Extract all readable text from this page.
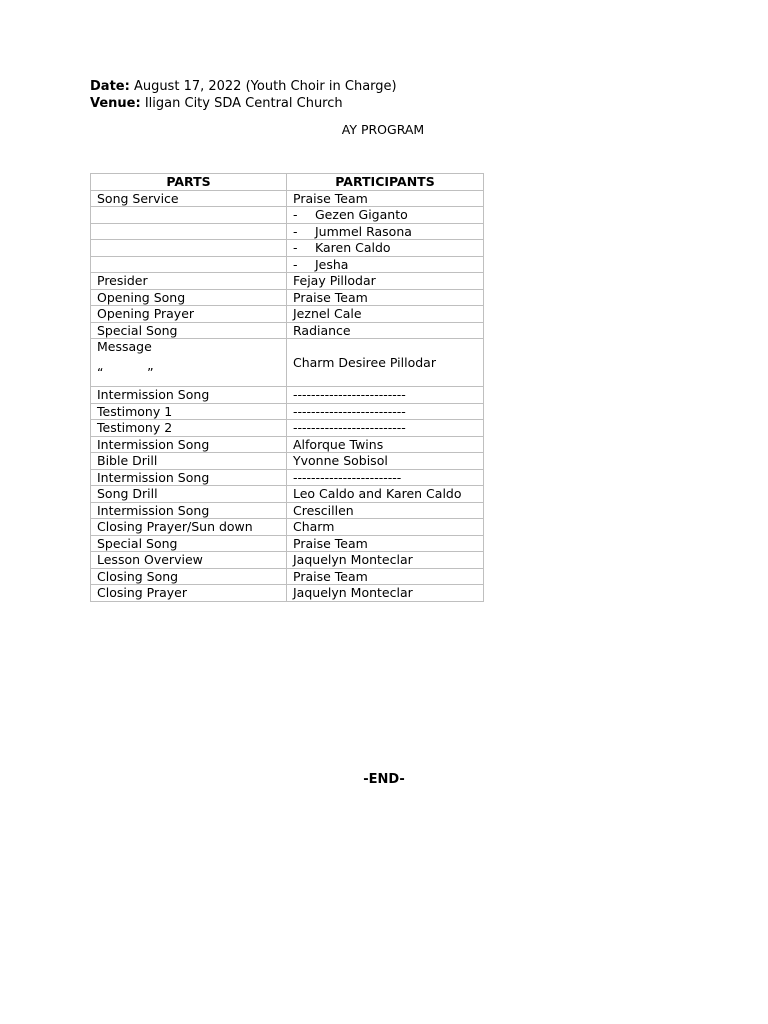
Date: August 17, 2022 (Youth Choir in Charge)
Venue: Iligan City SDA Central Church
AY PROGRAM
PARTS	PARTICIPANTS
Song Service	Praise Team
	- Gezen Giganto
	- Jummel Rasona
	- Karen Caldo
	- Jesha
Presider	Fejay Pillodar
Opening Song	Praise Team
Opening Prayer	Jeznel Cale
Special Song	Radiance
Message
“           ”	Charm Desiree Pillodar
Intermission Song	-------------------------
Testimony 1	-------------------------
Testimony 2	-------------------------
Intermission Song	Alforque Twins
Bible Drill	Yvonne Sobisol
Intermission Song	------------------------
Song Drill	Leo Caldo and Karen Caldo
Intermission Song	Crescillen
Closing Prayer/Sun down	Charm
Special Song	Praise Team
Lesson Overview	Jaquelyn Monteclar
Closing Song	Praise Team
Closing Prayer	Jaquelyn Monteclar
-END-
